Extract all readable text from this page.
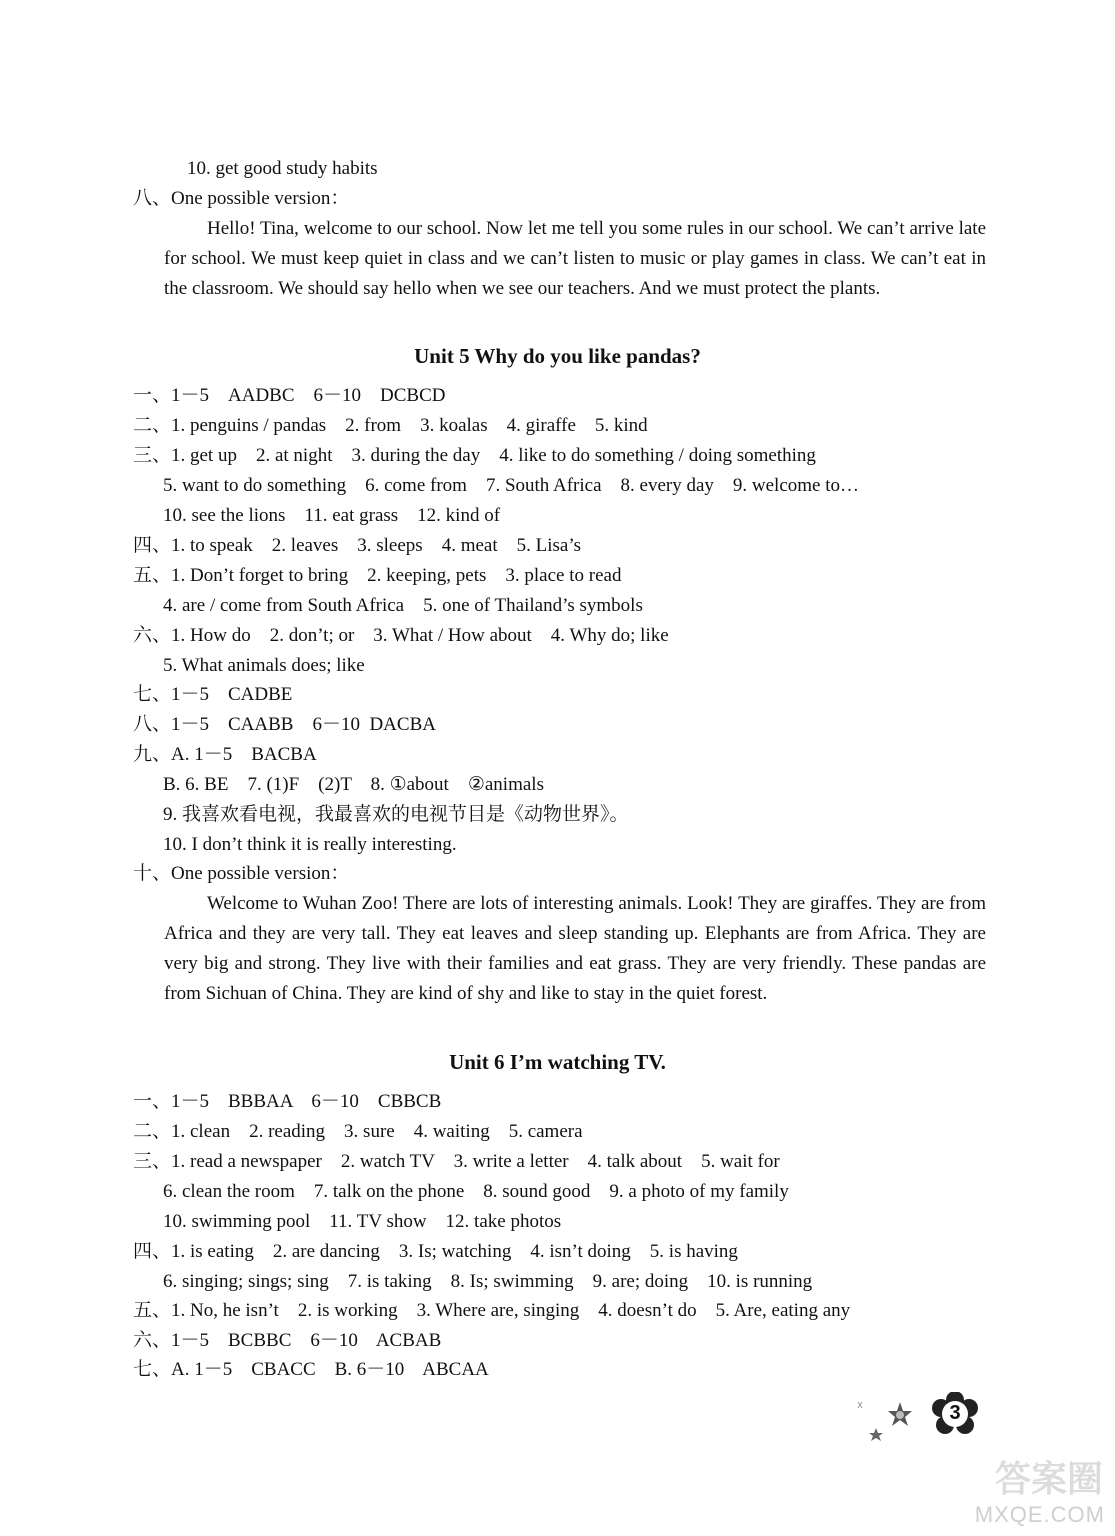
10. get good study habits
八、One possible version：
Hello! Tina, welcome to our school. Now let me tell you some rules in our school. We can’t arrive late for school. We must keep quiet in class and we can’t listen to music or play games in class. We can’t eat in the classroom. We should say hello when we see our teachers. And we must protect the plants.
Unit 5 Why do you like pandas?
一、1－5    AADBC    6－10    DCBCD
二、1. penguins / pandas    2. from    3. koalas    4. giraffe    5. kind
三、1. get up    2. at night    3. during the day    4. like to do something / doing something
5. want to do something    6. come from    7. South Africa    8. every day    9. welcome to…
10. see the lions    11. eat grass    12. kind of
四、1. to speak    2. leaves    3. sleeps    4. meat    5. Lisa’s
五、1. Don’t forget to bring    2. keeping, pets    3. place to read
4. are / come from South Africa    5. one of Thailand’s symbols
六、1. How do    2. don’t; or    3. What / How about    4. Why do; like
5. What animals does; like
七、1－5    CADBE
八、1－5    CAABB    6－10  DACBA
九、A. 1－5    BACBA
B. 6. BE    7. (1)F    (2)T    8. ①about    ②animals
9. 我喜欢看电视，我最喜欢的电视节目是《动物世界》。
10. I don’t think it is really interesting.
十、One possible version：
Welcome to Wuhan Zoo! There are lots of interesting animals. Look! They are giraffes. They are from Africa and they are very tall. They eat leaves and sleep standing up. Elephants are from Africa. They are very big and strong. They live with their families and eat grass. They are very friendly. These pandas are from Sichuan of China. They are kind of shy and like to stay in the quiet forest.
Unit 6 I’m watching TV.
一、1－5    BBBAA    6－10    CBBCB
二、1. clean    2. reading    3. sure    4. waiting    5. camera
三、1. read a newspaper    2. watch TV    3. write a letter    4. talk about    5. wait for
6. clean the room    7. talk on the phone    8. sound good    9. a photo of my family
10. swimming pool    11. TV show    12. take photos
四、1. is eating    2. are dancing    3. Is; watching    4. isn’t doing    5. is having
6. singing; sings; sing    7. is taking    8. Is; swimming    9. are; doing    10. is running
五、1. No, he isn’t    2. is working    3. Where are, singing    4. doesn’t do    5. Are, eating any
六、1－5    BCBBC    6－10    ACBAB
七、A. 1－5    CBACC    B. 6－10    ABCAA
3
答案圈
MXQE.COM
